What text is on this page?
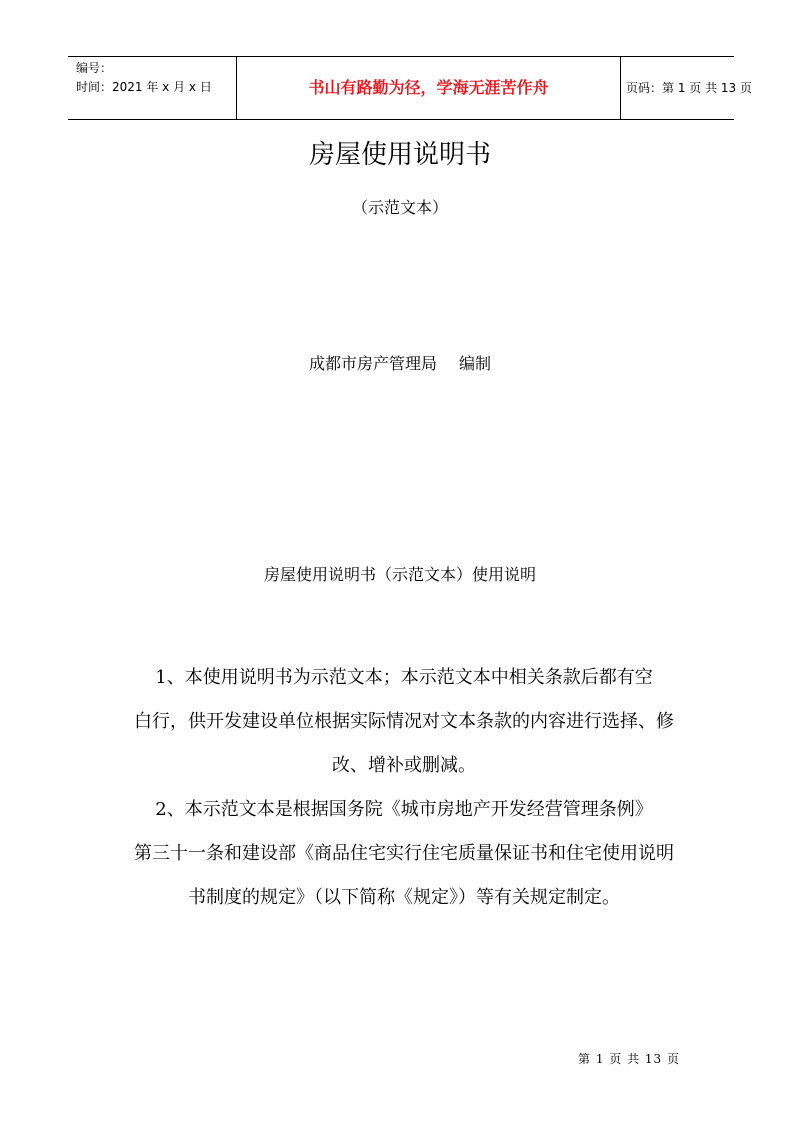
编号：
时间：2021 年 x 月 x 日	书山有路勤为径，学海无涯苦作舟	页码：第 1 页 共 13 页
房屋使用说明书
（示范文本）
成都市房产管理局 编制
房屋使用说明书（示范文本）使用说明
1、本使用说明书为示范文本；本示范文本中相关条款后都有空
白行，供开发建设单位根据实际情况对文本条款的内容进行选择、修
改、增补或删减。
2、本示范文本是根据国务院《城市房地产开发经营管理条例》
第三十一条和建设部《商品住宅实行住宅质量保证书和住宅使用说明
书制度的规定》（以下简称《规定》）等有关规定制定。
第 1 页 共 13 页
